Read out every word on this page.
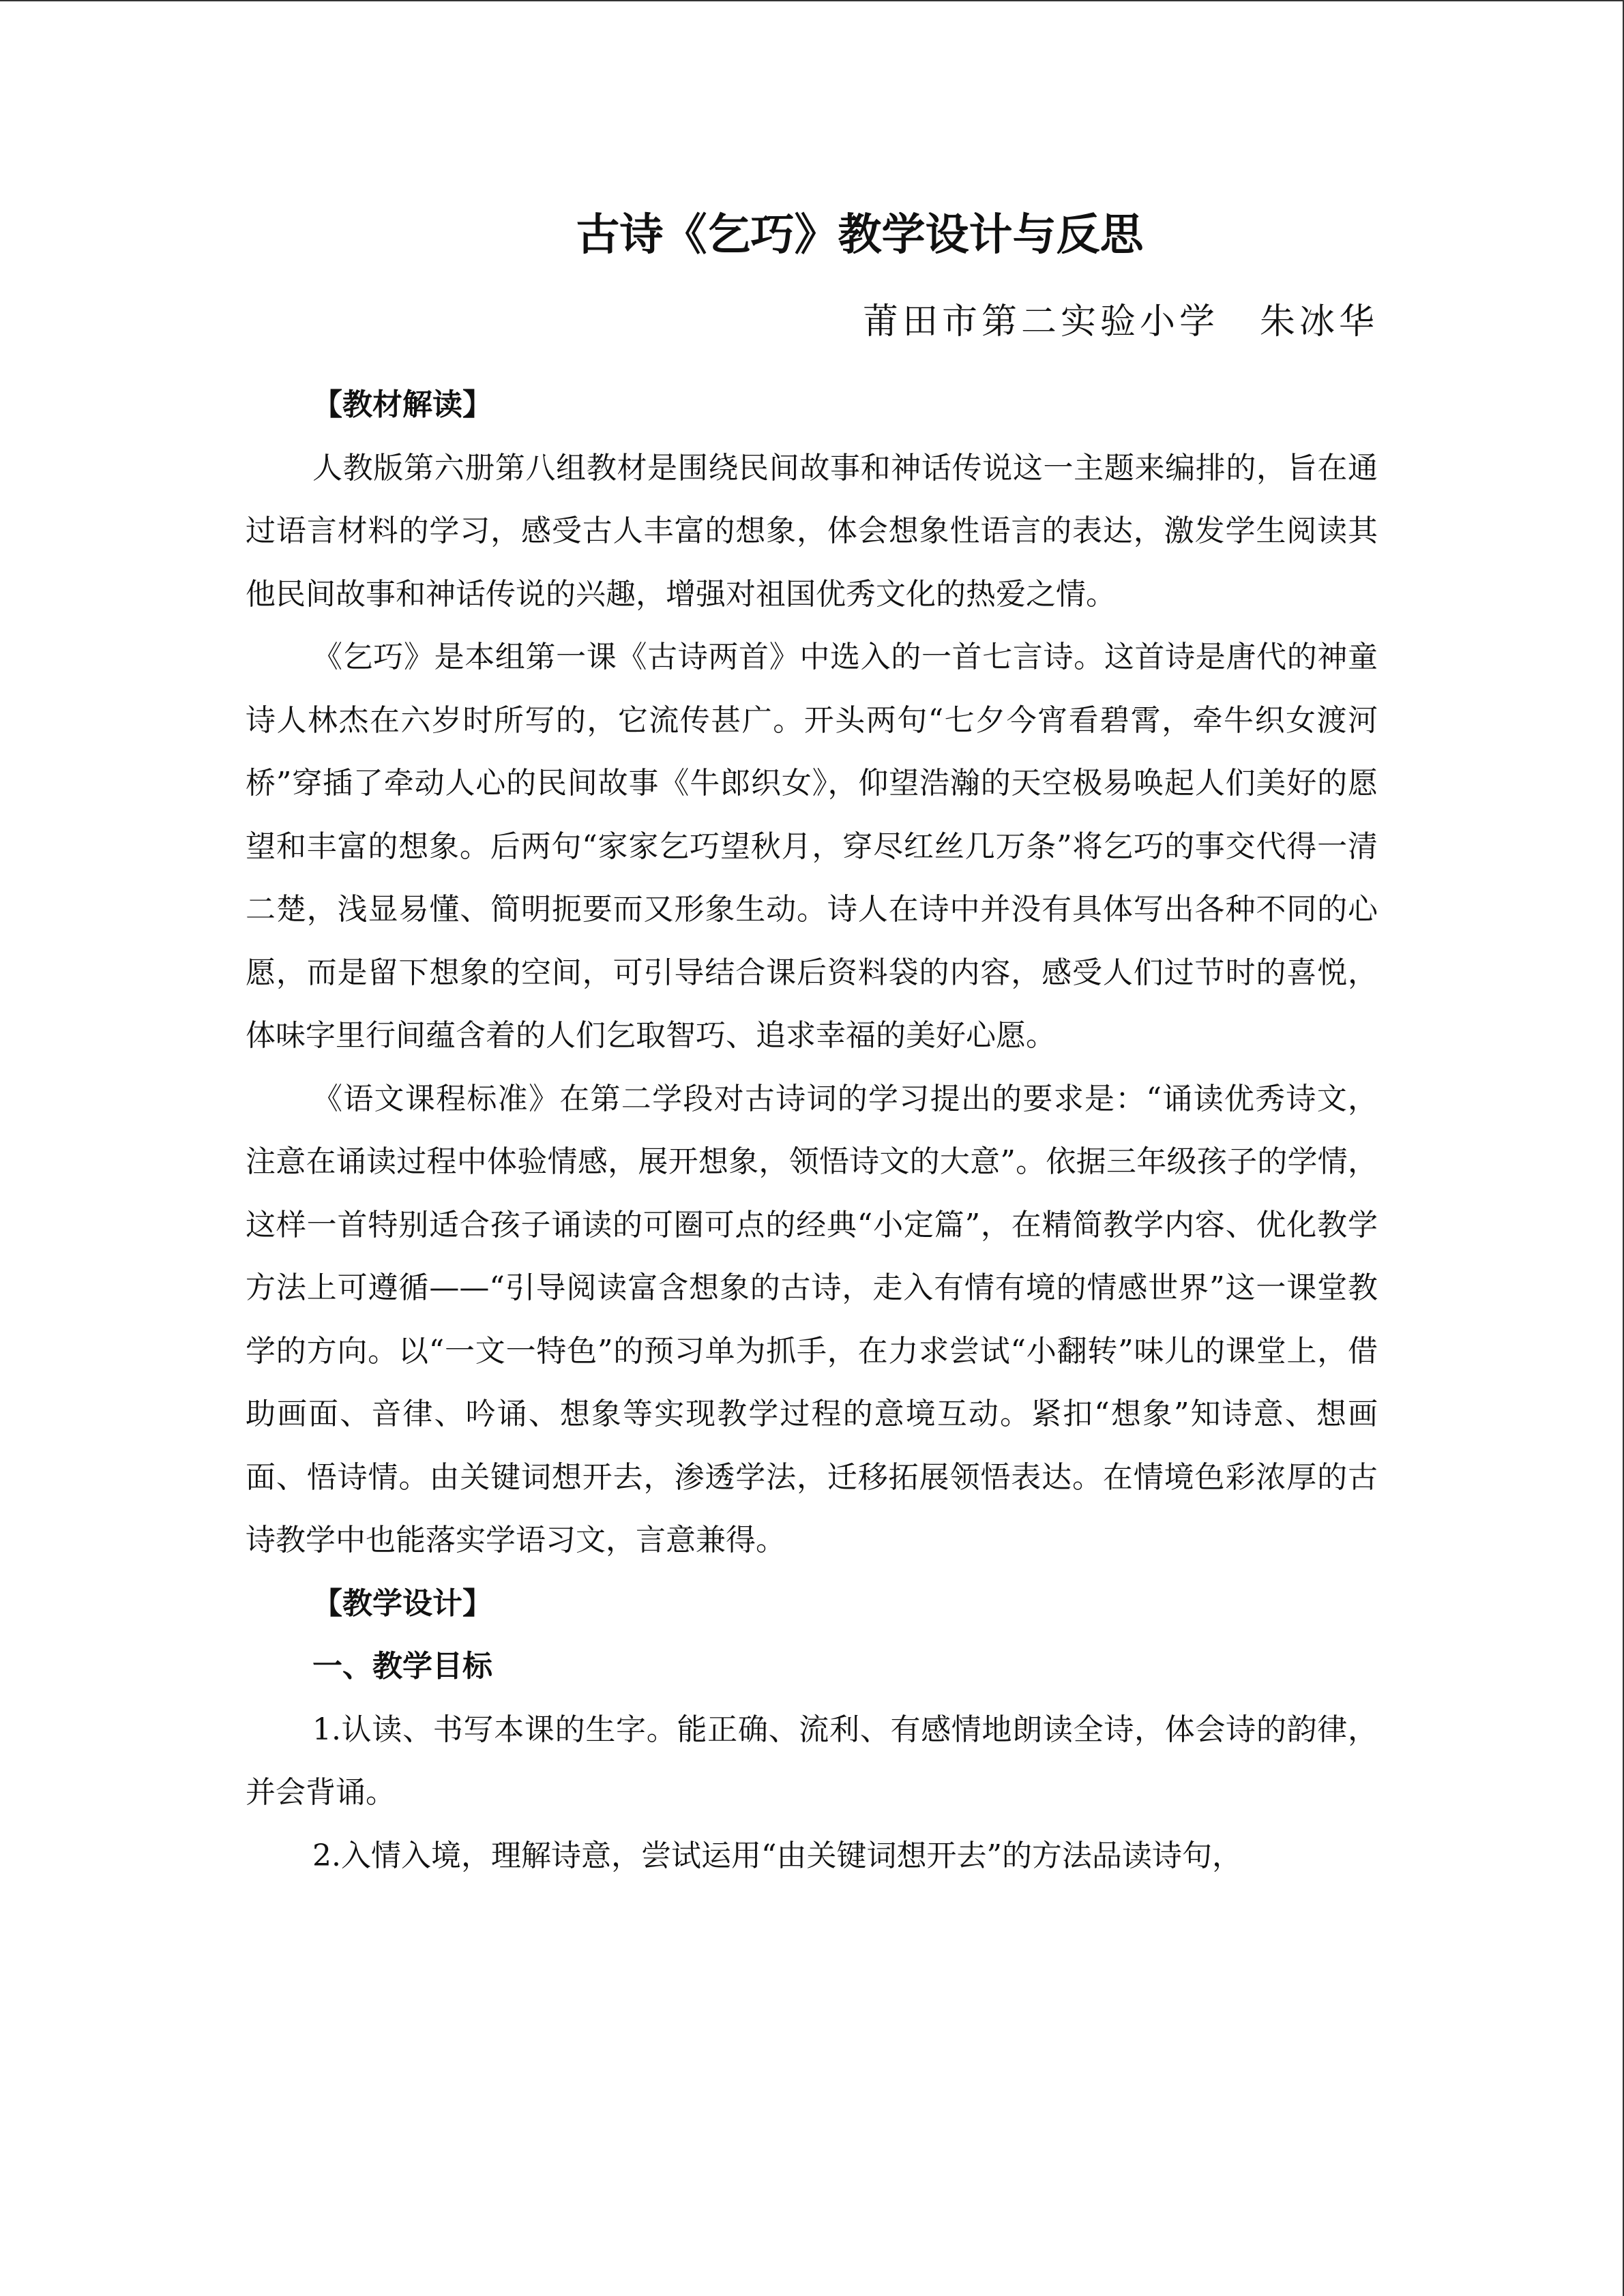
古诗《乞巧》教学设计与反思
莆田市第二实验小学 朱冰华

【教材解读】

人教版第六册第八组教材是围绕民间故事和神话传说这一主题来编排的，旨在通过语言材料的学习，感受古人丰富的想象，体会想象性语言的表达，激发学生阅读其他民间故事和神话传说的兴趣，增强对祖国优秀文化的热爱之情。

《乞巧》是本组第一课《古诗两首》中选入的一首七言诗。这首诗是唐代的神童诗人林杰在六岁时所写的，它流传甚广。开头两句“七夕今宵看碧霄，牵牛织女渡河桥”穿插了牵动人心的民间故事《牛郎织女》，仰望浩瀚的天空极易唤起人们美好的愿望和丰富的想象。后两句“家家乞巧望秋月，穿尽红丝几万条”将乞巧的事交代得一清二楚，浅显易懂、简明扼要而又形象生动。诗人在诗中并没有具体写出各种不同的心愿，而是留下想象的空间，可引导结合课后资料袋的内容，感受人们过节时的喜悦，体味字里行间蕴含着的人们乞取智巧、追求幸福的美好心愿。

《语文课程标准》在第二学段对古诗词的学习提出的要求是：“诵读优秀诗文，注意在诵读过程中体验情感，展开想象，领悟诗文的大意”。依据三年级孩子的学情，这样一首特别适合孩子诵读的可圈可点的经典“小定篇”，在精简教学内容、优化教学方法上可遵循——“引导阅读富含想象的古诗，走入有情有境的情感世界”这一课堂教学的方向。以“一文一特色”的预习单为抓手，在力求尝试“小翻转”味儿的课堂上，借助画面、音律、吟诵、想象等实现教学过程的意境互动。紧扣“想象”知诗意、想画面、悟诗情。由关键词想开去，渗透学法，迁移拓展领悟表达。在情境色彩浓厚的古诗教学中也能落实学语习文，言意兼得。

【教学设计】

一、教学目标

1.认读、书写本课的生字。能正确、流利、有感情地朗读全诗，体会诗的韵律，并会背诵。

2.入情入境，理解诗意，尝试运用“由关键词想开去”的方法品读诗句，
